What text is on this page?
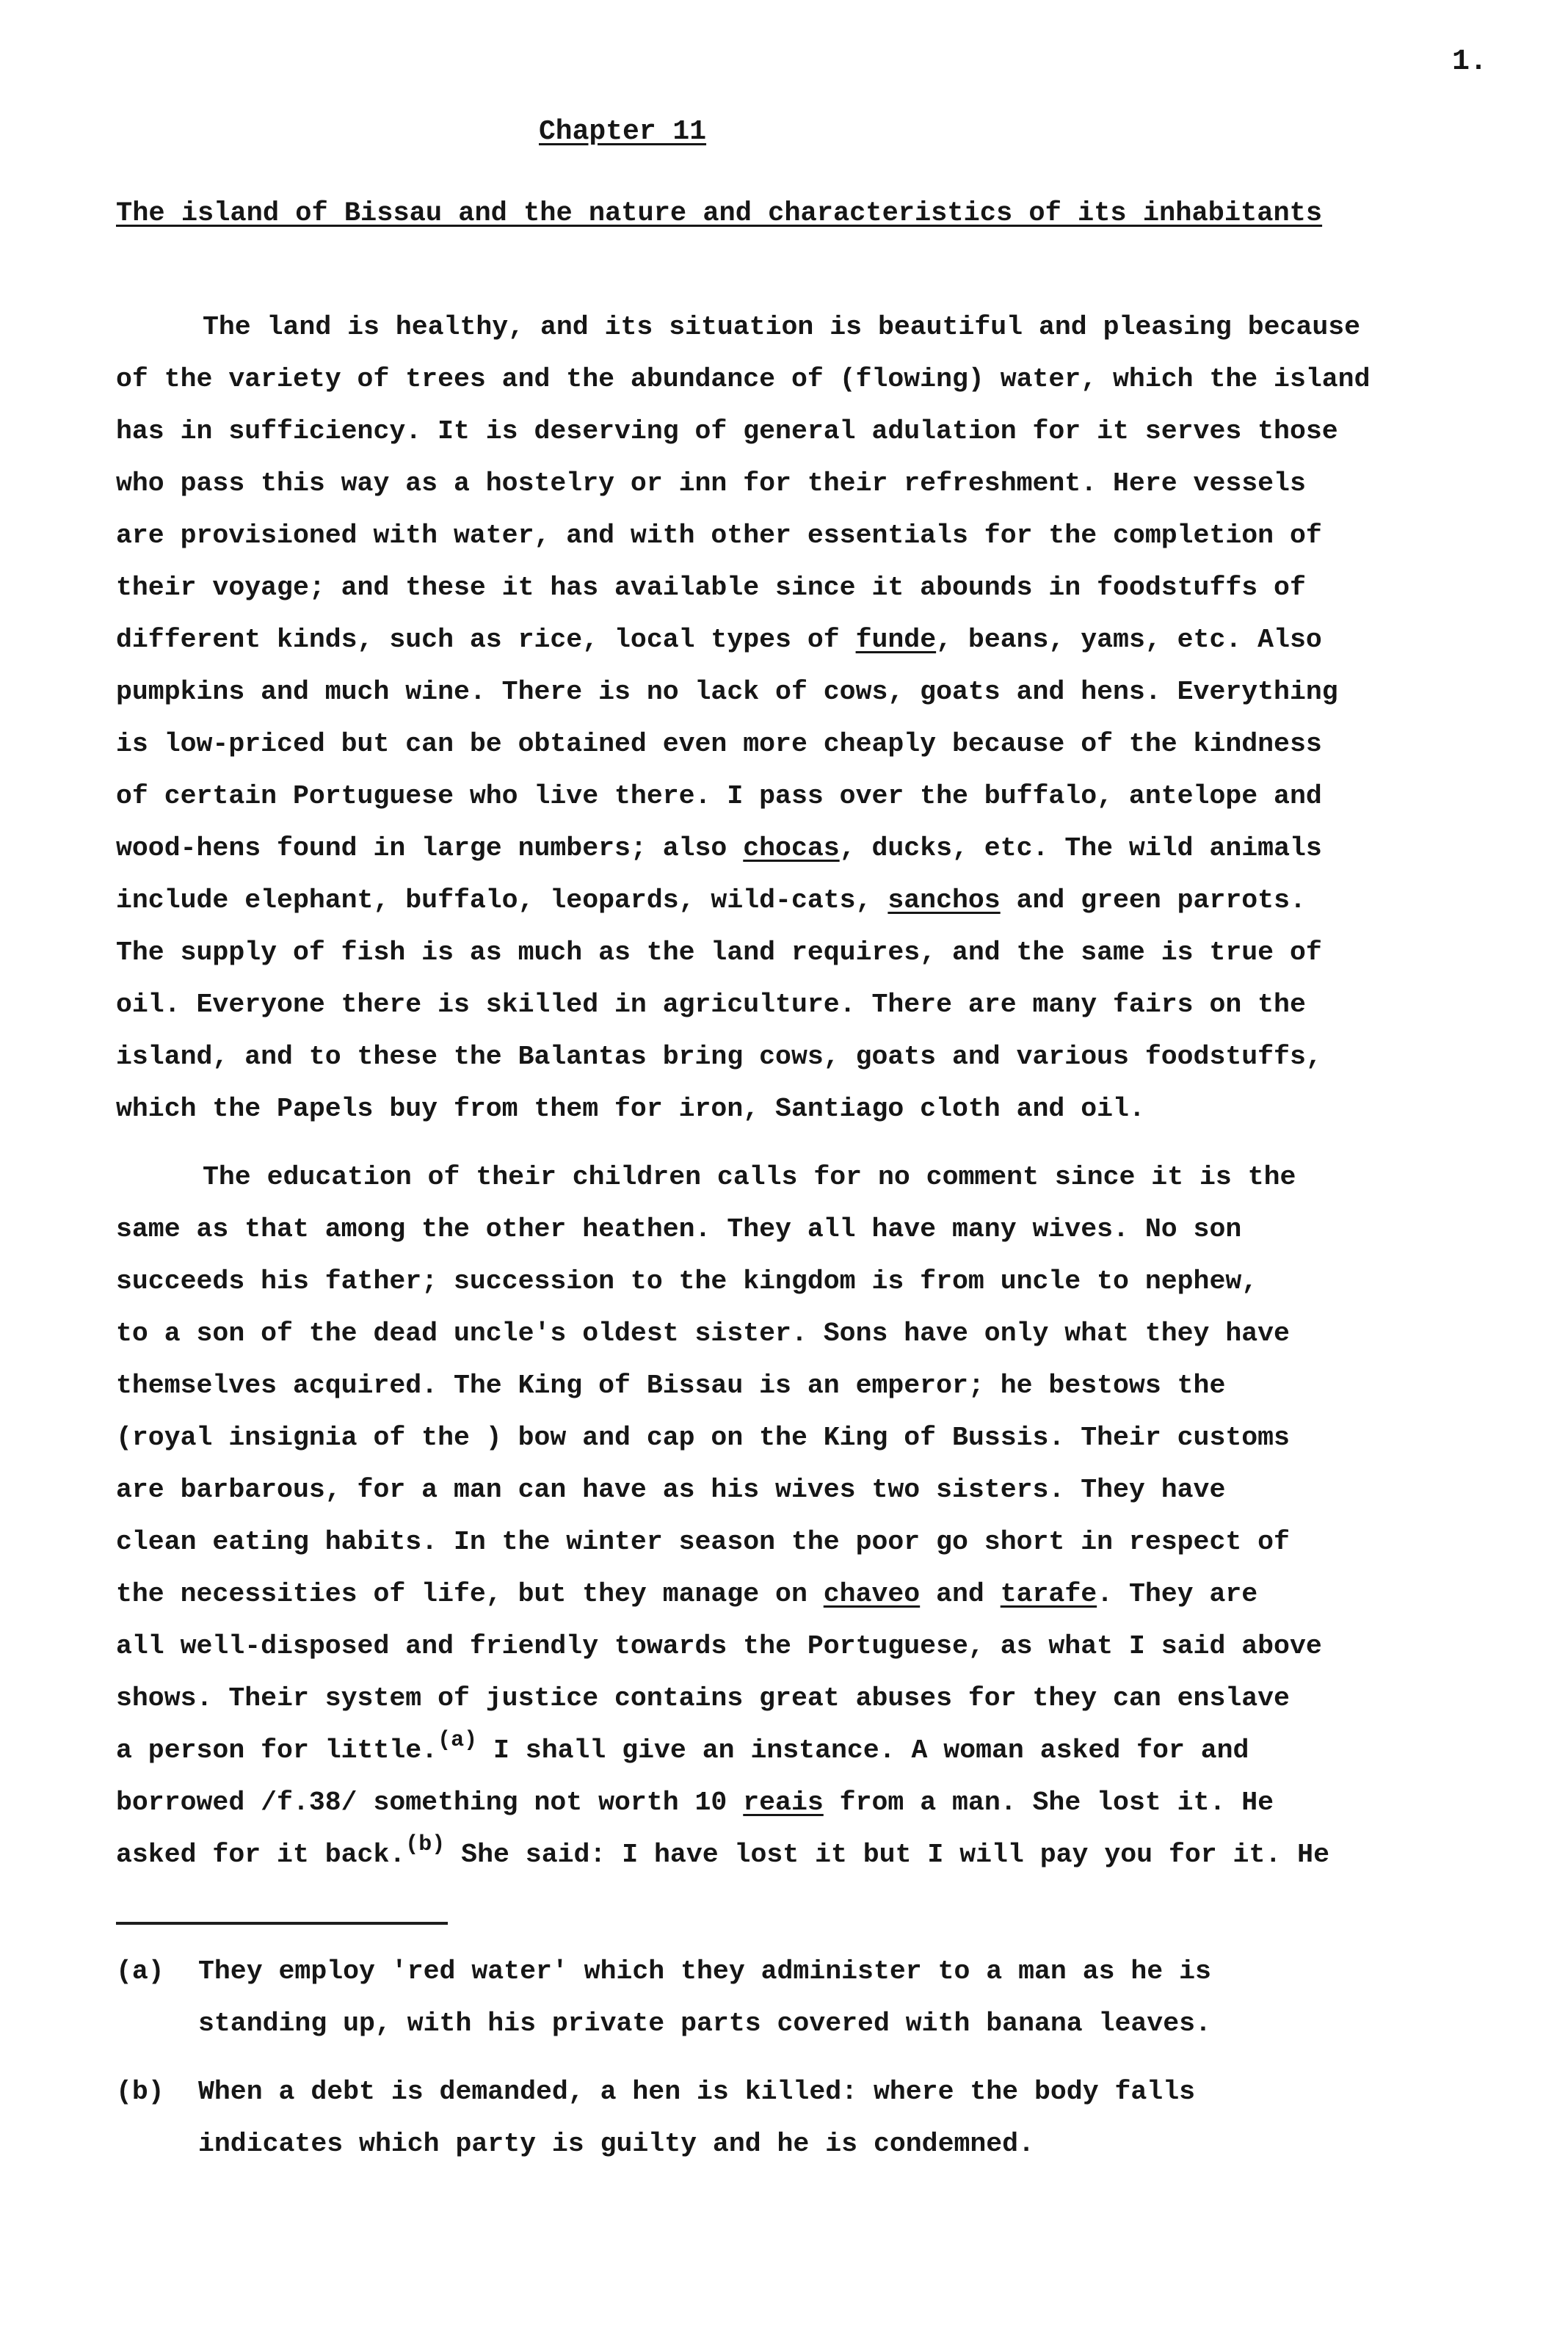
1.
Chapter 11
The island of Bissau and the nature and characteristics of its inhabitants

The land is healthy, and its situation is beautiful and pleasing because
of the variety of trees and the abundance of (flowing) water, which the island
has in sufficiency. It is deserving of general adulation for it serves those
who pass this way as a hostelry or inn for their refreshment. Here vessels
are provisioned with water, and with other essentials for the completion of
their voyage; and these it has available since it abounds in foodstuffs of
different kinds, such as rice, local types of funde, beans, yams, etc. Also
pumpkins and much wine. There is no lack of cows, goats and hens. Everything
is low-priced but can be obtained even more cheaply because of the kindness
of certain Portuguese who live there. I pass over the buffalo, antelope and
wood-hens found in large numbers; also chocas, ducks, etc. The wild animals
include elephant, buffalo, leopards, wild-cats, sanchos and green parrots.
The supply of fish is as much as the land requires, and the same is true of
oil. Everyone there is skilled in agriculture. There are many fairs on the
island, and to these the Balantas bring cows, goats and various foodstuffs,
which the Papels buy from them for iron, Santiago cloth and oil.

The education of their children calls for no comment since it is the
same as that among the other heathen. They all have many wives. No son
succeeds his father; succession to the kingdom is from uncle to nephew,
to a son of the dead uncle's oldest sister. Sons have only what they have
themselves acquired. The King of Bissau is an emperor; he bestows the
(royal insignia of the ) bow and cap on the King of Bussis. Their customs
are barbarous, for a man can have as his wives two sisters. They have
clean eating habits. In the winter season the poor go short in respect of
the necessities of life, but they manage on chaveo and tarafe. They are
all well-disposed and friendly towards the Portuguese, as what I said above
shows. Their system of justice contains great abuses for they can enslave
a person for little.$^{(a)}$ I shall give an instance. A woman asked for and
borrowed /f.38/ something not worth 10 reais from a man. She lost it. He
asked for it back.$^{(b)}$ She said: I have lost it but I will pay you for it. He

(a)	They employ 'red water' which they administer to a man as he is
standing up, with his private parts covered with banana leaves.
(b)	When a debt is demanded, a hen is killed: where the body falls
indicates which party is guilty and he is condemned.
